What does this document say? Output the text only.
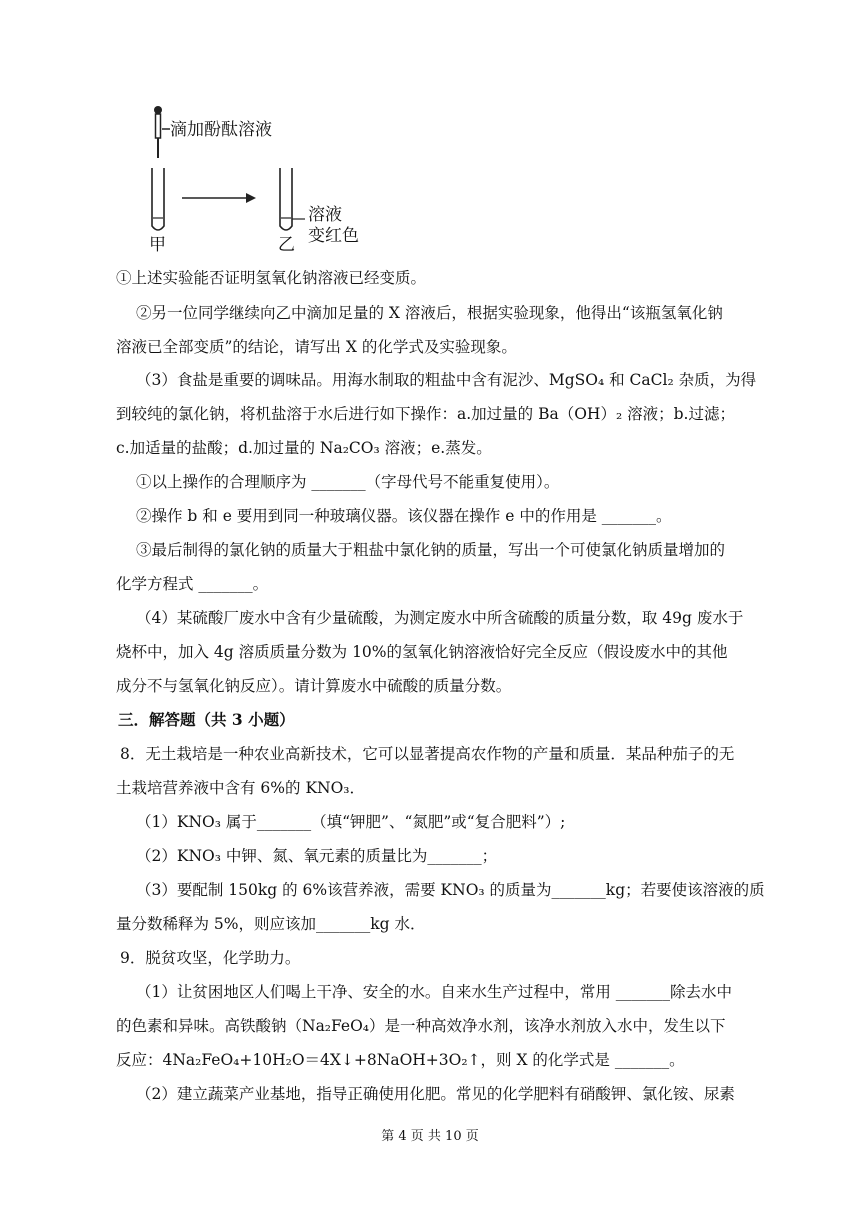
滴加酚酞溶液
甲	乙
溶液
变红色
①上述实验能否证明氢氧化钠溶液已经变质。
②另一位同学继续向乙中滴加足量的 X 溶液后，根据实验现象，他得出“该瓶氢氧化钠
溶液已全部变质”的结论，请写出 X 的化学式及实验现象。
（3）食盐是重要的调味品。用海水制取的粗盐中含有泥沙、MgSO₄ 和 CaCl₂ 杂质，为得
到较纯的氯化钠，将机盐溶于水后进行如下操作：a.加过量的 Ba（OH）₂ 溶液；b.过滤；
c.加适量的盐酸；d.加过量的 Na₂CO₃ 溶液；e.蒸发。
①以上操作的合理顺序为 _______（字母代号不能重复使用）。
②操作 b 和 e 要用到同一种玻璃仪器。该仪器在操作 e 中的作用是 _______。
③最后制得的氯化钠的质量大于粗盐中氯化钠的质量，写出一个可使氯化钠质量增加的
化学方程式 _______。
（4）某硫酸厂废水中含有少量硫酸，为测定废水中所含硫酸的质量分数，取 49g 废水于
烧杯中，加入 4g 溶质质量分数为 10%的氢氧化钠溶液恰好完全反应（假设废水中的其他
成分不与氢氧化钠反应）。请计算废水中硫酸的质量分数。
三．解答题（共 3 小题）
8．无土栽培是一种农业高新技术，它可以显著提高农作物的产量和质量．某品种茄子的无
土栽培营养液中含有 6%的 KNO₃．
（1）KNO₃ 属于_______（填“钾肥”、“氮肥”或“复合肥料”）;
（2）KNO₃ 中钾、氮、氧元素的质量比为_______；
（3）要配制 150kg 的 6%该营养液，需要 KNO₃ 的质量为_______kg；若要使该溶液的质
量分数稀释为 5%，则应该加_______kg 水．
9．脱贫攻坚，化学助力。
（1）让贫困地区人们喝上干净、安全的水。自来水生产过程中，常用 _______除去水中
的色素和异味。高铁酸钠（Na₂FeO₄）是一种高效净水剂，该净水剂放入水中，发生以下
反应：4Na₂FeO₄+10H₂O＝4X↓+8NaOH+3O₂↑，则 X 的化学式是 _______。
（2）建立蔬菜产业基地，指导正确使用化肥。常见的化学肥料有硝酸钾、氯化铵、尿素
第 4 页 共 10 页
